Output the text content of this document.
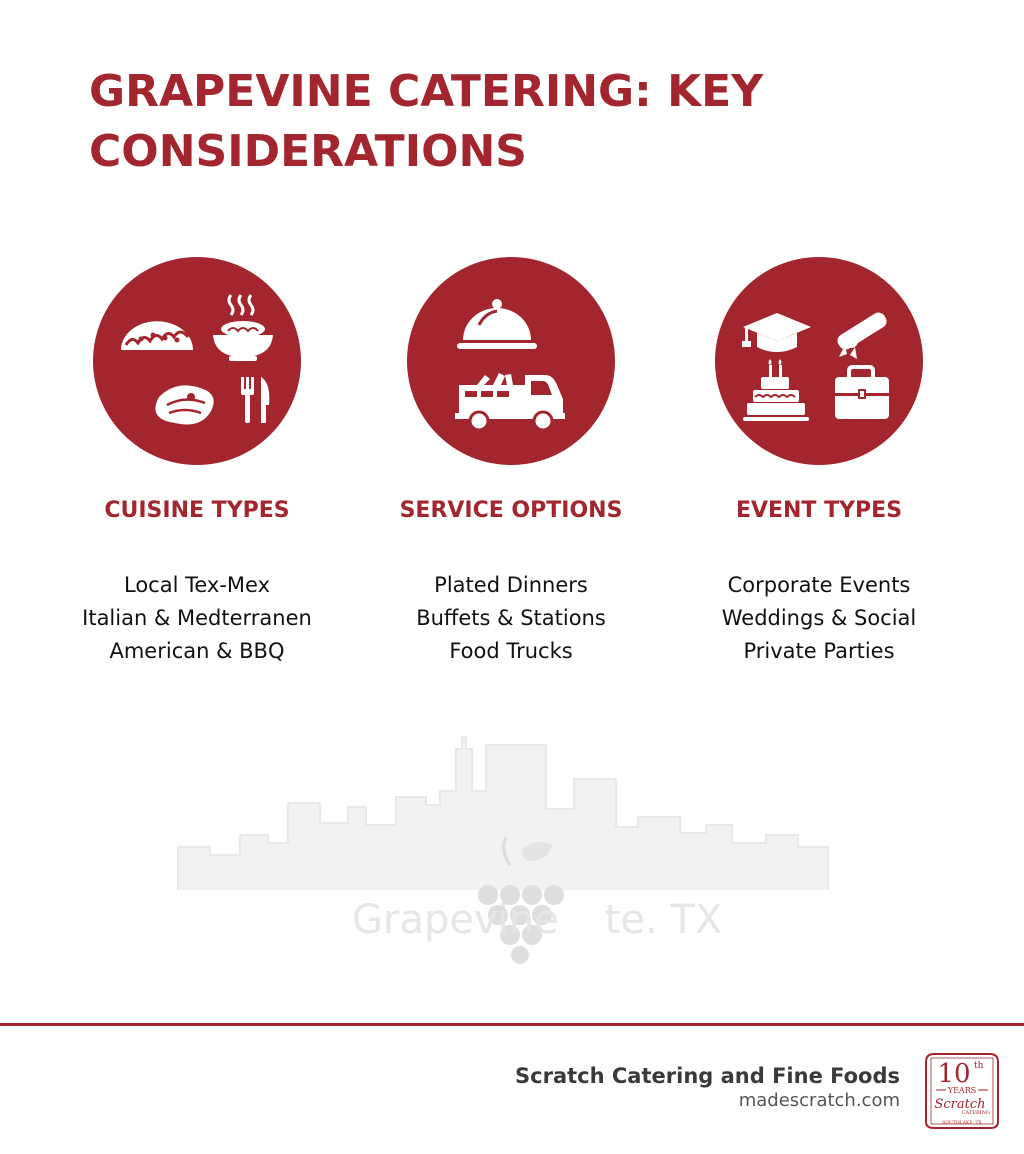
GRAPEVINE CATERING: KEY CONSIDERATIONS
CUISINE TYPES
Local Tex-Mex
Italian & Medterranen
American & BBQ
SERVICE OPTIONS
Plated Dinners
Buffets & Stations
Food Trucks
EVENT TYPES
Corporate Events
Weddings & Social
Private Parties
Grapevine te. TX
Scratch Catering and Fine Foods
madescratch.com
10 th
YEARS
Scratch
CATERING
SOUTHLAKE, TX
